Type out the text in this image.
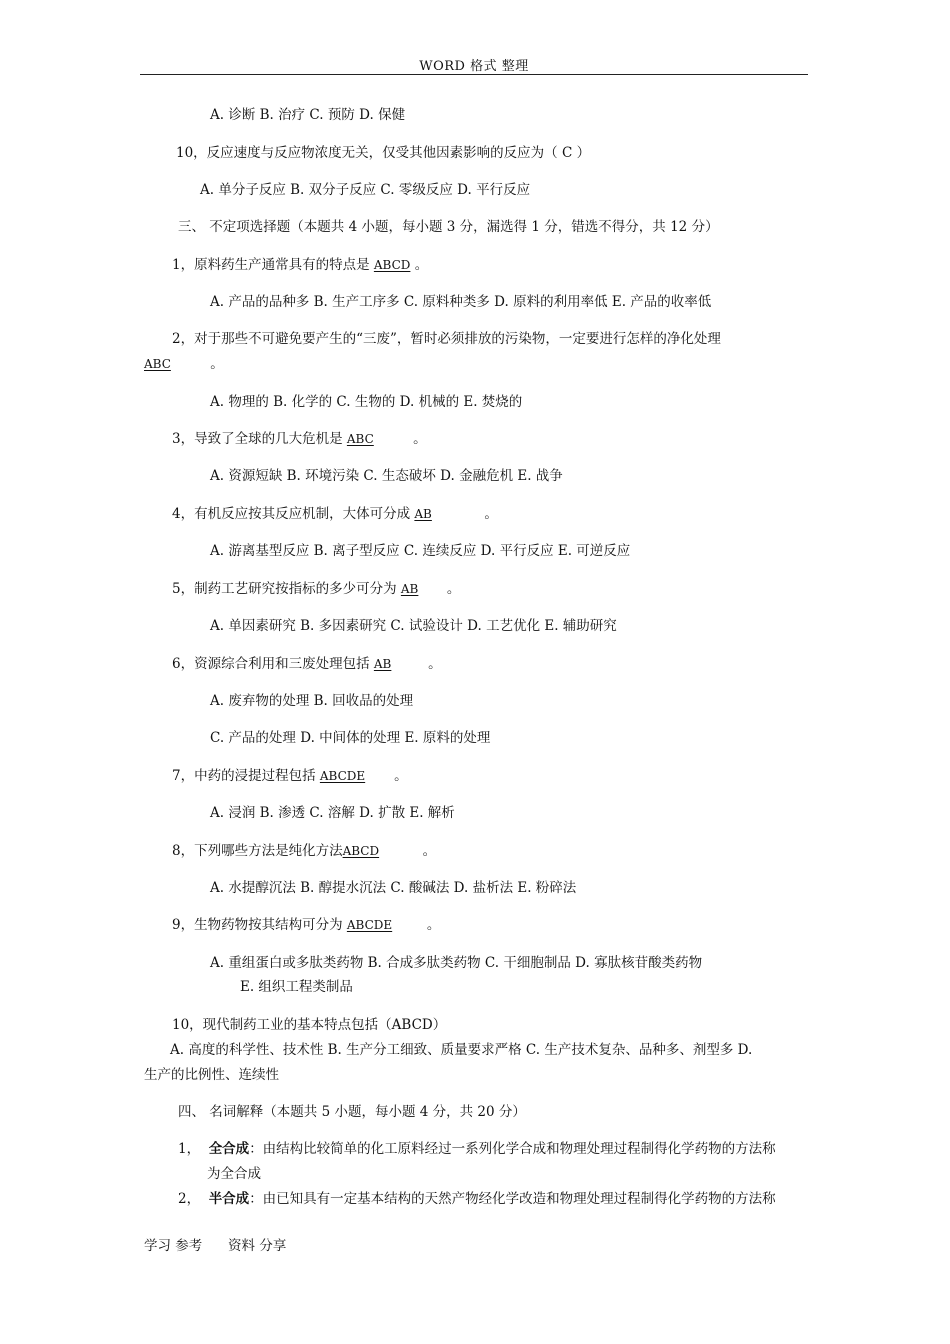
WORD 格式 整理
A. 诊断 B. 治疗 C. 预防 D. 保健
10，反应速度与反应物浓度无关，仅受其他因素影响的反应为（ C ）
A. 单分子反应 B. 双分子反应 C. 零级反应 D. 平行反应
三、 不定项选择题（本题共 4 小题，每小题 3 分，漏选得 1 分，错选不得分，共 12 分）
1，原料药生产通常具有的特点是 ABCD 。
A. 产品的品种多 B. 生产工序多 C. 原料种类多 D. 原料的利用率低 E. 产品的收率低
2，对于那些不可避免要产生的“三废”，暂时必须排放的污染物，一定要进行怎样的净化处理
ABC	。
A. 物理的 B. 化学的 C. 生物的 D. 机械的 E. 焚烧的
3，导致了全球的几大危机是 ABC	。
A. 资源短缺 B. 环境污染 C. 生态破坏 D. 金融危机 E. 战争
4，有机反应按其反应机制，大体可分成 AB	。
A. 游离基型反应 B. 离子型反应 C. 连续反应 D. 平行反应 E. 可逆反应
5，制药工艺研究按指标的多少可分为 AB 。
A. 单因素研究 B. 多因素研究 C. 试验设计 D. 工艺优化 E. 辅助研究
6，资源综合利用和三废处理包括 AB 。
A. 废弃物的处理 B. 回收品的处理
C. 产品的处理 D. 中间体的处理 E. 原料的处理
7，中药的浸提过程包括 ABCDE 。
A. 浸润 B. 渗透 C. 溶解 D. 扩散 E. 解析
8，下列哪些方法是纯化方法ABCD	。
A. 水提醇沉法 B. 醇提水沉法 C. 酸碱法 D. 盐析法 E. 粉碎法
9，生物药物按其结构可分为 ABCDE	。
A. 重组蛋白或多肽类药物 B. 合成多肽类药物 C. 干细胞制品 D. 寡肽核苷酸类药物
E. 组织工程类制品
10，现代制药工业的基本特点包括（ABCD）
A. 高度的科学性、技术性 B. 生产分工细致、质量要求严格 C. 生产技术复杂、品种多、剂型多 D.
生产的比例性、连续性
四、 名词解释（本题共 5 小题，每小题 4 分，共 20 分）
1， 全合成：由结构比较简单的化工原料经过一系列化学合成和物理处理过程制得化学药物的方法称
为全合成
2， 半合成：由已知具有一定基本结构的天然产物经化学改造和物理处理过程制得化学药物的方法称
学习 参考      资料 分享
